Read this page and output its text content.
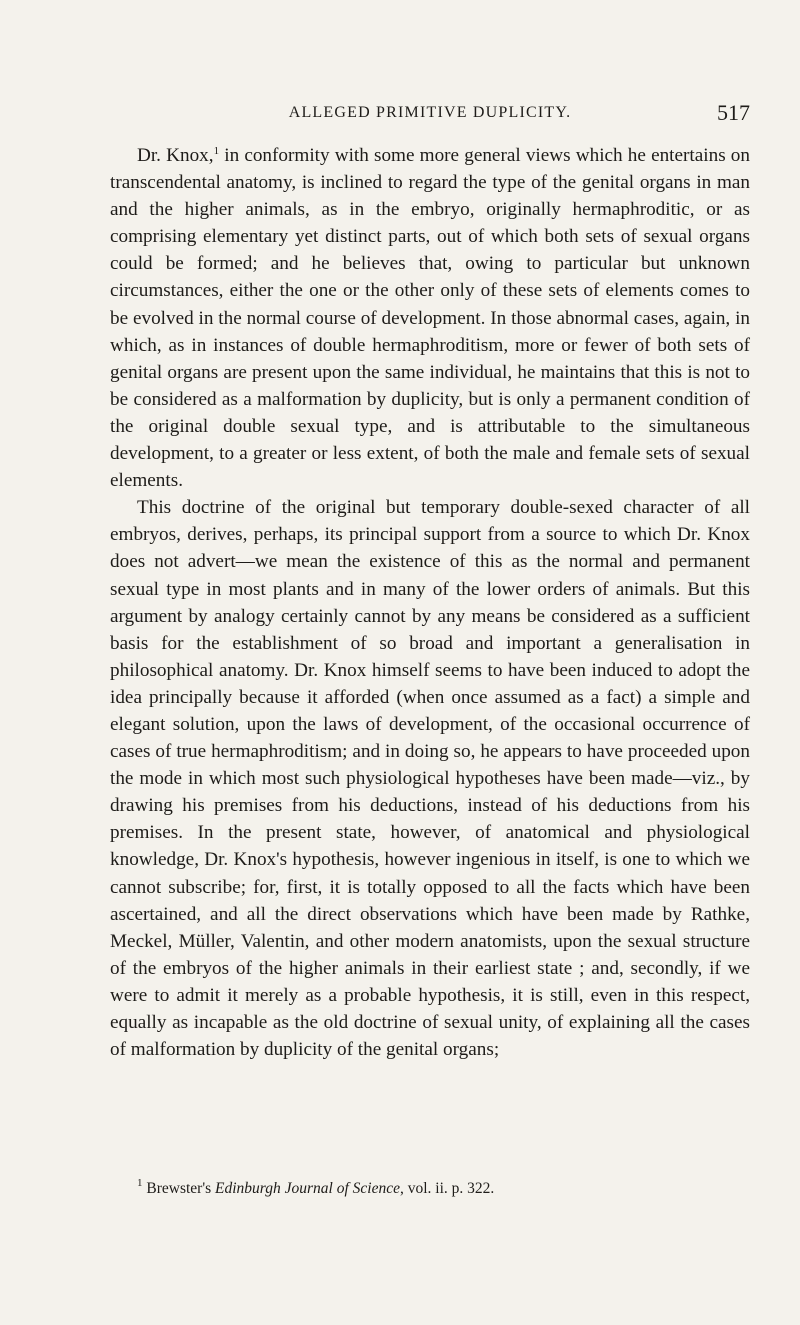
ALLEGED PRIMITIVE DUPLICITY.	517

Dr. Knox,$^1$ in conformity with some more general views which he entertains on transcendental anatomy, is inclined to regard the type of the genital organs in man and the higher animals, as in the embryo, originally hermaphroditic, or as comprising elementary yet distinct parts, out of which both sets of sexual organs could be formed; and he believes that, owing to particular but unknown circumstances, either the one or the other only of these sets of elements comes to be evolved in the normal course of development. In those abnormal cases, again, in which, as in instances of double hermaphroditism, more or fewer of both sets of genital organs are present upon the same individual, he maintains that this is not to be considered as a malformation by duplicity, but is only a permanent condition of the original double sexual type, and is attributable to the simultaneous development, to a greater or less extent, of both the male and female sets of sexual elements.

This doctrine of the original but temporary double-sexed character of all embryos, derives, perhaps, its principal support from a source to which Dr. Knox does not advert—we mean the existence of this as the normal and permanent sexual type in most plants and in many of the lower orders of animals. But this argument by analogy certainly cannot by any means be considered as a sufficient basis for the establishment of so broad and important a generalisation in philosophical anatomy. Dr. Knox himself seems to have been induced to adopt the idea principally because it afforded (when once assumed as a fact) a simple and elegant solution, upon the laws of development, of the occasional occurrence of cases of true hermaphroditism; and in doing so, he appears to have proceeded upon the mode in which most such physiological hypotheses have been made—viz., by drawing his premises from his deductions, instead of his deductions from his premises. In the present state, however, of anatomical and physiological knowledge, Dr. Knox's hypothesis, however ingenious in itself, is one to which we cannot subscribe; for, first, it is totally opposed to all the facts which have been ascertained, and all the direct observations which have been made by Rathke, Meckel, Müller, Valentin, and other modern anatomists, upon the sexual structure of the embryos of the higher animals in their earliest state ; and, secondly, if we were to admit it merely as a probable hypothesis, it is still, even in this respect, equally as incapable as the old doctrine of sexual unity, of explaining all the cases of malformation by duplicity of the genital organs;

$^1$ Brewster's Edinburgh Journal of Science, vol. ii. p. 322.
